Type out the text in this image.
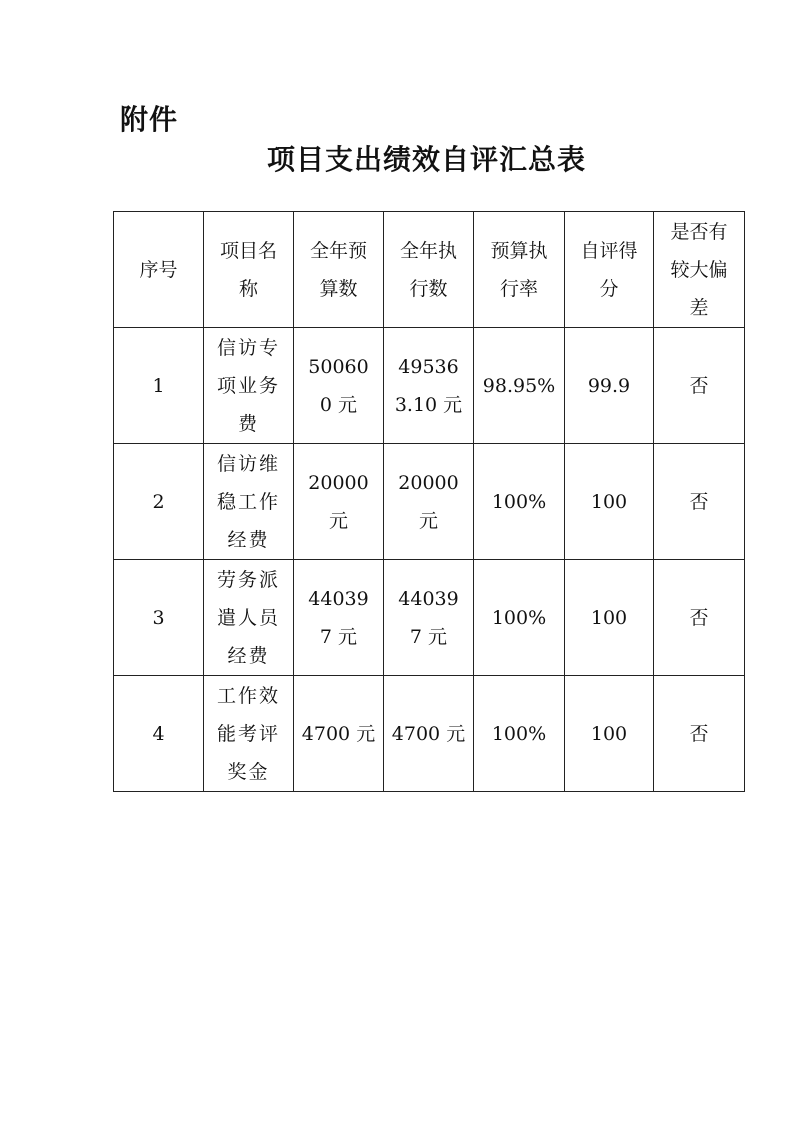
附件
项目支出绩效自评汇总表
序号	项目名称	全年预算数	全年执行数	预算执行率	自评得分	是否有较大偏差
1	信访专项业务费	500600 元	495363.10 元	98.95%	99.9	否
2	信访维稳工作经费	20000 元	20000 元	100%	100	否
3	劳务派遣人员经费	440397 元	440397 元	100%	100	否
4	工作效能考评奖金	4700 元	4700 元	100%	100	否
